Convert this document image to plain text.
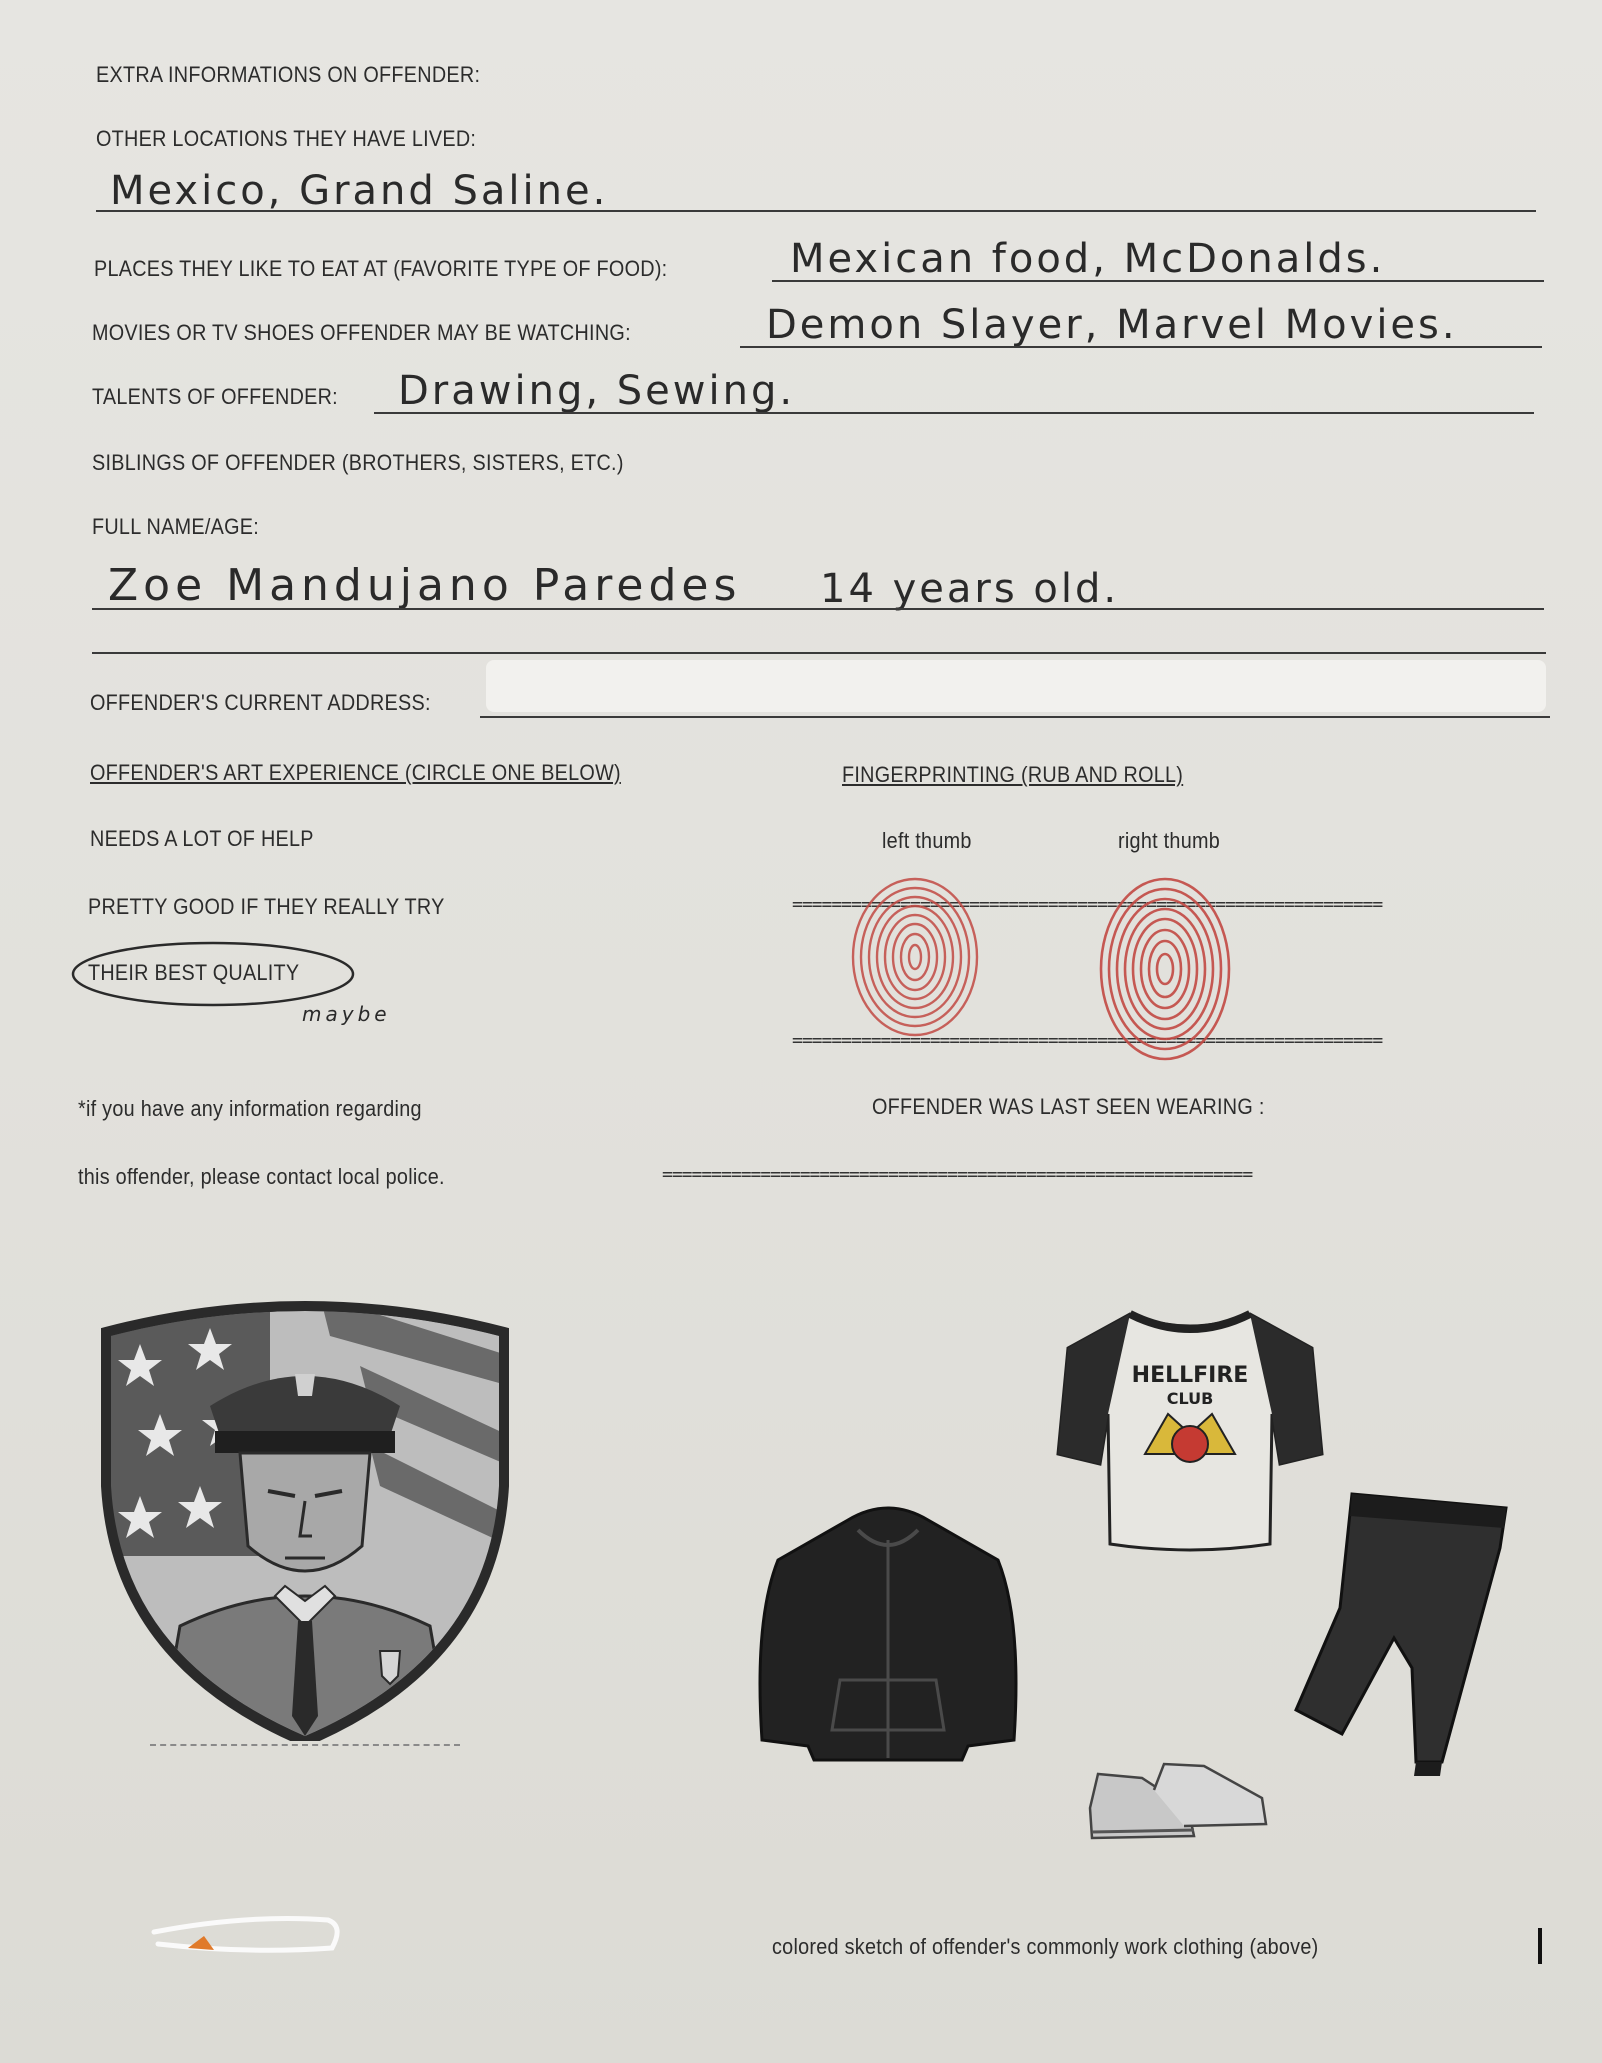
EXTRA INFORMATIONS ON OFFENDER:
OTHER LOCATIONS THEY HAVE LIVED:
Mexico, Grand Saline.
PLACES THEY LIKE TO EAT AT (FAVORITE TYPE OF FOOD):	Mexican food, McDonalds.
MOVIES OR TV SHOES OFFENDER MAY BE WATCHING:	Demon Slayer, Marvel Movies.
TALENTS OF OFFENDER: Drawing, Sewing.
SIBLINGS OF OFFENDER (BROTHERS, SISTERS, ETC.)
FULL NAME/AGE:
Zoe Mandujano Paredes 14 years old.
OFFENDER'S CURRENT ADDRESS:
OFFENDER'S ART EXPERIENCE (CIRCLE ONE BELOW)
NEEDS A LOT OF HELP
PRETTY GOOD IF THEY REALLY TRY
THEIR BEST QUALITY
maybe
FINGERPRINTING (RUB AND ROLL)
left thumb	right thumb
============================================================
============================================================
*if you have any information regarding
this offender, please contact local police.
OFFENDER WAS LAST SEEN WEARING :
============================================================
HELLFIRE
CLUB
colored sketch of offender's commonly work clothing (above)
